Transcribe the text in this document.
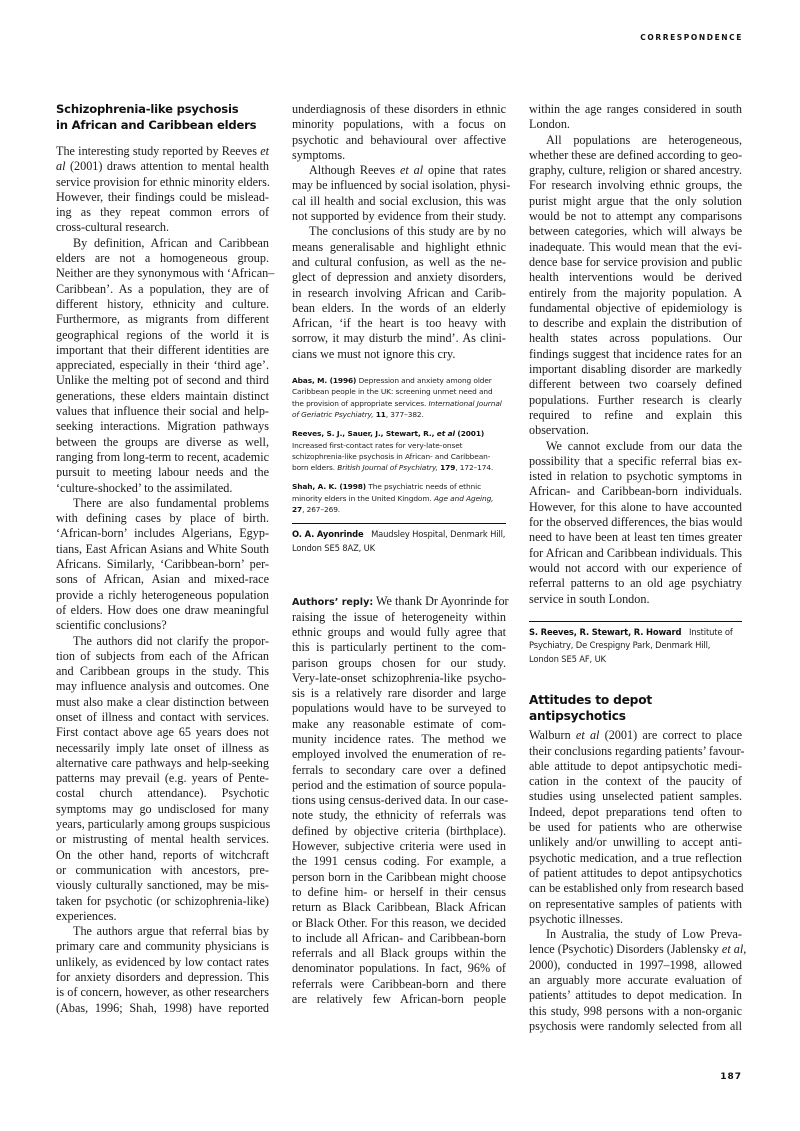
CORRESPONDENCE
Schizophrenia-like psychosis
in African and Caribbean elders
The interesting study reported by Reeves et
al (2001) draws attention to mental health
service provision for ethnic minority elders.
However, their findings could be mislead-
ing as they repeat common errors of
cross-cultural research.
By definition, African and Caribbean
elders are not a homogeneous group.
Neither are they synonymous with ‘African–
Caribbean’. As a population, they are of
different history, ethnicity and culture.
Furthermore, as migrants from different
geographical regions of the world it is
important that their different identities are
appreciated, especially in their ‘third age’.
Unlike the melting pot of second and third
generations, these elders maintain distinct
values that influence their social and help-
seeking interactions. Migration pathways
between the groups are diverse as well,
ranging from long-term to recent, academic
pursuit to meeting labour needs and the
‘culture-shocked’ to the assimilated.
There are also fundamental problems
with defining cases by place of birth.
‘African-born’ includes Algerians, Egyp-
tians, East African Asians and White South
Africans. Similarly, ‘Caribbean-born’ per-
sons of African, Asian and mixed-race
provide a richly heterogeneous population
of elders. How does one draw meaningful
scientific conclusions?
The authors did not clarify the propor-
tion of subjects from each of the African
and Caribbean groups in the study. This
may influence analysis and outcomes. One
must also make a clear distinction between
onset of illness and contact with services.
First contact above age 65 years does not
necessarily imply late onset of illness as
alternative care pathways and help-seeking
patterns may prevail (e.g. years of Pente-
costal church attendance). Psychotic
symptoms may go undisclosed for many
years, particularly among groups suspicious
or mistrusting of mental health services.
On the other hand, reports of witchcraft
or communication with ancestors, pre-
viously culturally sanctioned, may be mis-
taken for psychotic (or schizophrenia-like)
experiences.
The authors argue that referral bias by
primary care and community physicians is
unlikely, as evidenced by low contact rates
for anxiety disorders and depression. This
is of concern, however, as other researchers
(Abas, 1996; Shah, 1998) have reported
underdiagnosis of these disorders in ethnic
minority populations, with a focus on
psychotic and behavioural over affective
symptoms.
Although Reeves et al opine that rates
may be influenced by social isolation, physi-
cal ill health and social exclusion, this was
not supported by evidence from their study.
The conclusions of this study are by no
means generalisable and highlight ethnic
and cultural confusion, as well as the ne-
glect of depression and anxiety disorders,
in research involving African and Carib-
bean elders. In the words of an elderly
African, ‘if the heart is too heavy with
sorrow, it may disturb the mind’. As clini-
cians we must not ignore this cry.
Abas, M. (1996) Depression and anxiety among older Caribbean people in the UK: screening unmet need and the provision of appropriate services. International Journal of Geriatric Psychiatry, 11, 377–382.
Reeves, S. J., Sauer, J., Stewart, R., et al (2001) Increased first-contact rates for very-late-onset schizophrenia-like psychosis in African- and Caribbean-born elders. British Journal of Psychiatry, 179, 172–174.
Shah, A. K. (1998) The psychiatric needs of ethnic minority elders in the United Kingdom. Age and Ageing, 27, 267–269.
O. A. Ayonrinde Maudsley Hospital, Denmark Hill, London SE5 8AZ, UK
Authors’ reply: We thank Dr Ayonrinde for
raising the issue of heterogeneity within
ethnic groups and would fully agree that
this is particularly pertinent to the com-
parison groups chosen for our study.
Very-late-onset schizophrenia-like psycho-
sis is a relatively rare disorder and large
populations would have to be surveyed to
make any reasonable estimate of com-
munity incidence rates. The method we
employed involved the enumeration of re-
ferrals to secondary care over a defined
period and the estimation of source popula-
tions using census-derived data. In our case-
note study, the ethnicity of referrals was
defined by objective criteria (birthplace).
However, subjective criteria were used in
the 1991 census coding. For example, a
person born in the Caribbean might choose
to define him- or herself in their census
return as Black Caribbean, Black African
or Black Other. For this reason, we decided
to include all African- and Caribbean-born
referrals and all Black groups within the
denominator populations. In fact, 96% of
referrals were Caribbean-born and there
are relatively few African-born people
within the age ranges considered in south
London.
All populations are heterogeneous,
whether these are defined according to geo-
graphy, culture, religion or shared ancestry.
For research involving ethnic groups, the
purist might argue that the only solution
would be not to attempt any comparisons
between categories, which will always be
inadequate. This would mean that the evi-
dence base for service provision and public
health interventions would be derived
entirely from the majority population. A
fundamental objective of epidemiology is
to describe and explain the distribution of
health states across populations. Our
findings suggest that incidence rates for an
important disabling disorder are markedly
different between two coarsely defined
populations. Further research is clearly
required to refine and explain this
observation.
We cannot exclude from our data the
possibility that a specific referral bias ex-
isted in relation to psychotic symptoms in
African- and Caribbean-born individuals.
However, for this alone to have accounted
for the observed differences, the bias would
need to have been at least ten times greater
for African and Caribbean individuals. This
would not accord with our experience of
referral patterns to an old age psychiatry
service in south London.
S. Reeves, R. Stewart, R. Howard Institute of Psychiatry, De Crespigny Park, Denmark Hill, London SE5 AF, UK
Attitudes to depot antipsychotics
Walburn et al (2001) are correct to place
their conclusions regarding patients’ favour-
able attitude to depot antipsychotic medi-
cation in the context of the paucity of
studies using unselected patient samples.
Indeed, depot preparations tend often to
be used for patients who are otherwise
unlikely and/or unwilling to accept anti-
psychotic medication, and a true reflection
of patient attitudes to depot antipsychotics
can be established only from research based
on representative samples of patients with
psychotic illnesses.
In Australia, the study of Low Preva-
lence (Psychotic) Disorders (Jablensky et al,
2000), conducted in 1997–1998, allowed
an arguably more accurate evaluation of
patients’ attitudes to depot medication. In
this study, 998 persons with a non-organic
psychosis were randomly selected from all
187
